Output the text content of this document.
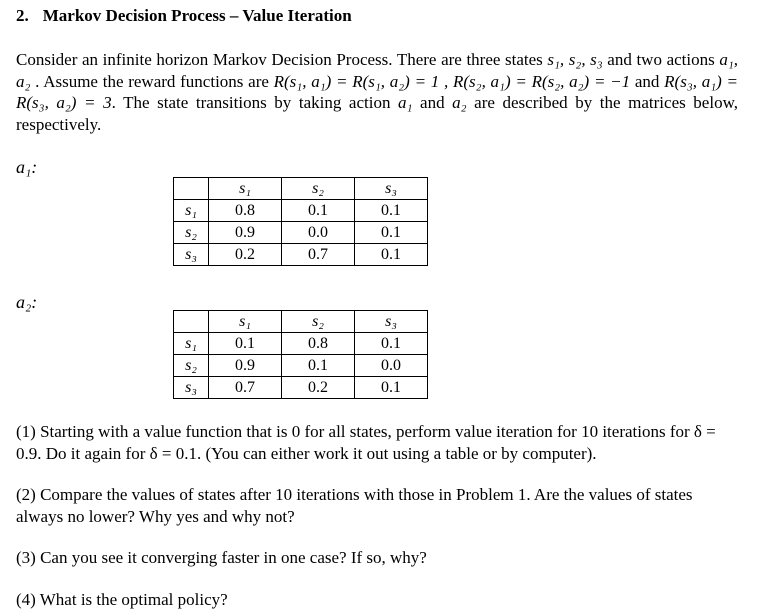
2. Markov Decision Process – Value Iteration
Consider an infinite horizon Markov Decision Process. There are three states s₁, s₂, s₃ and two actions a₁, a₂ . Assume the reward functions are R(s₁, a₁) = R(s₁, a₂) = 1 , R(s₂, a₁) = R(s₂, a₂) = −1 and R(s₃, a₁) = R(s₃, a₂) = 3. The state transitions by taking action a₁ and a₂ are described by the matrices below, respectively.
a₁:
	s₁	s₂	s₃
s₁	0.8	0.1	0.1
s₂	0.9	0.0	0.1
s₃	0.2	0.7	0.1
a₂:
	s₁	s₂	s₃
s₁	0.1	0.8	0.1
s₂	0.9	0.1	0.0
s₃	0.7	0.2	0.1
(1) Starting with a value function that is 0 for all states, perform value iteration for 10 iterations for δ = 0.9. Do it again for δ = 0.1. (You can either work it out using a table or by computer).
(2) Compare the values of states after 10 iterations with those in Problem 1. Are the values of states always no lower? Why yes and why not?
(3) Can you see it converging faster in one case? If so, why?
(4) What is the optimal policy?
